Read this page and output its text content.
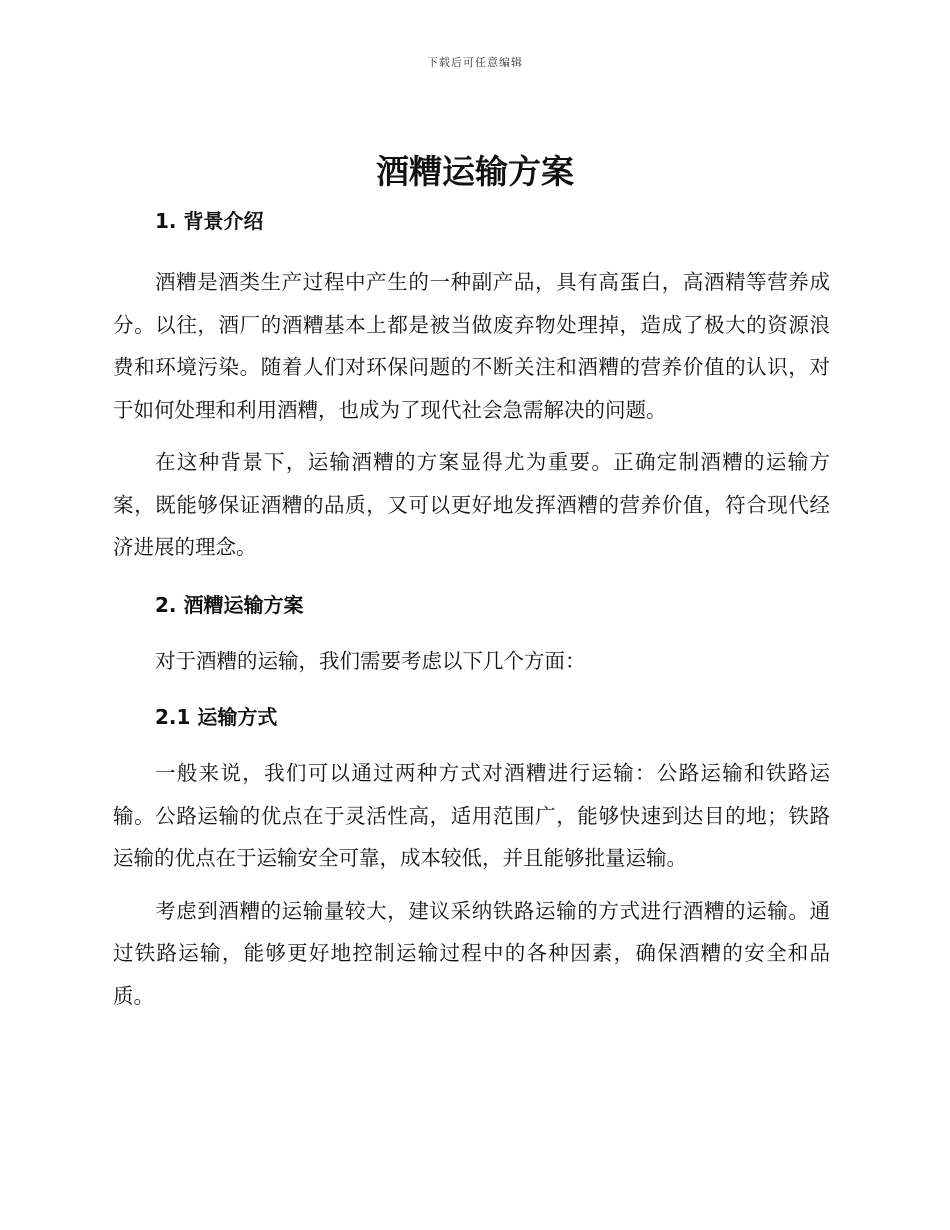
下载后可任意编辑
酒糟运输方案
1. 背景介绍

酒糟是酒类生产过程中产生的一种副产品，具有高蛋白，高酒精等营养成分。以往，酒厂的酒糟基本上都是被当做废弃物处理掉，造成了极大的资源浪费和环境污染。随着人们对环保问题的不断关注和酒糟的营养价值的认识，对于如何处理和利用酒糟，也成为了现代社会急需解决的问题。

在这种背景下，运输酒糟的方案显得尤为重要。正确定制酒糟的运输方案，既能够保证酒糟的品质，又可以更好地发挥酒糟的营养价值，符合现代经济进展的理念。

2. 酒糟运输方案

对于酒糟的运输，我们需要考虑以下几个方面：

2.1 运输方式

一般来说，我们可以通过两种方式对酒糟进行运输：公路运输和铁路运输。公路运输的优点在于灵活性高，适用范围广，能够快速到达目的地；铁路运输的优点在于运输安全可靠，成本较低，并且能够批量运输。

考虑到酒糟的运输量较大，建议采纳铁路运输的方式进行酒糟的运输。通过铁路运输，能够更好地控制运输过程中的各种因素，确保酒糟的安全和品质。
